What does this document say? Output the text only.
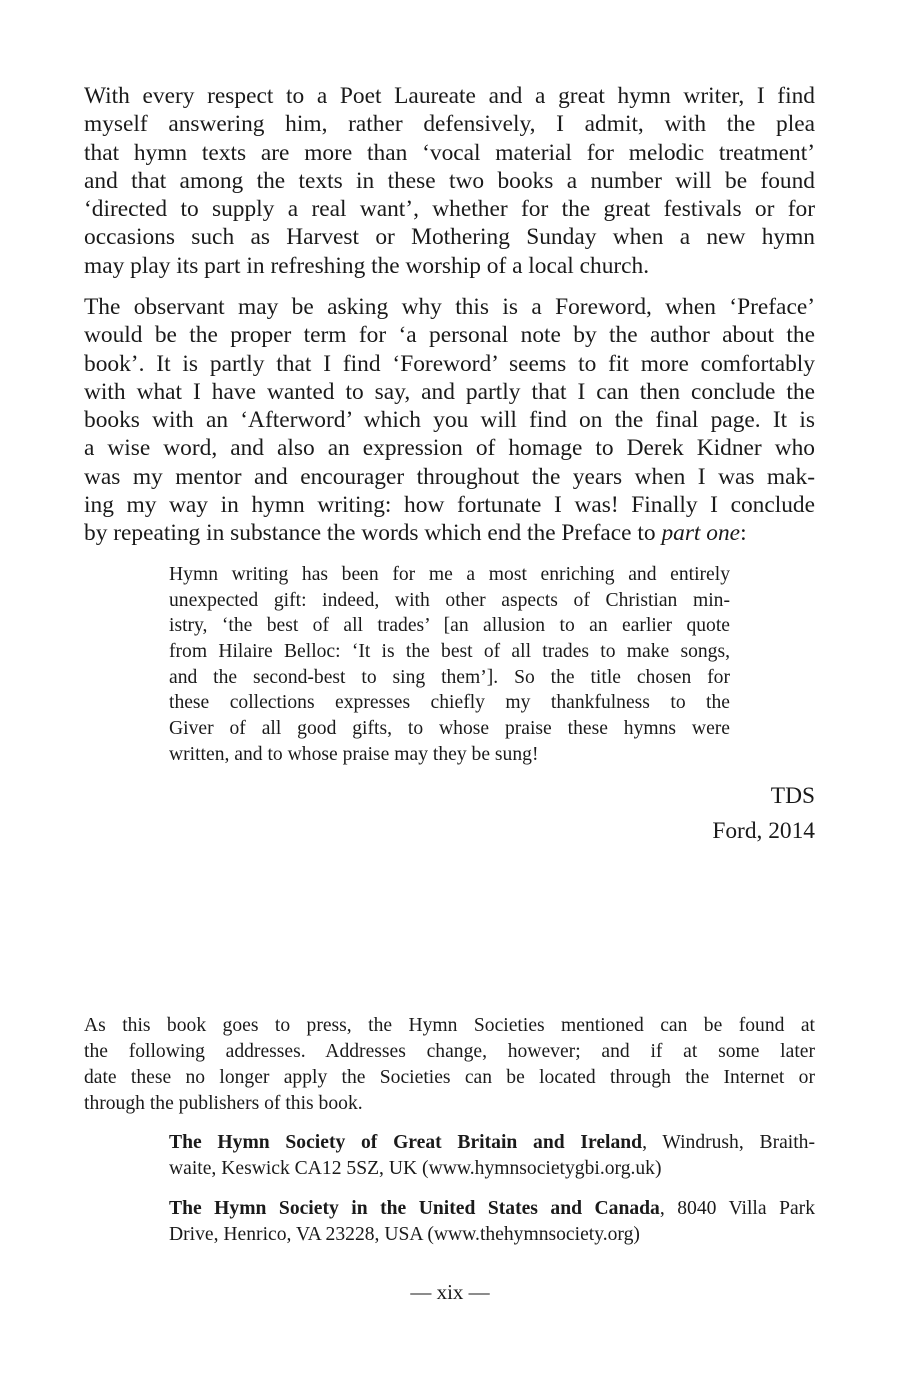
With every respect to a Poet Laureate and a great hymn writer, I find
myself answering him, rather defensively, I admit, with the plea
that hymn texts are more than ‘vocal material for melodic treatment’
and that among the texts in these two books a number will be found
‘directed to supply a real want’, whether for the great festivals or for
occasions such as Harvest or Mothering Sunday when a new hymn
may play its part in refreshing the worship of a local church.
The observant may be asking why this is a Foreword, when ‘Preface’
would be the proper term for ‘a personal note by the author about the
book’. It is partly that I find ‘Foreword’ seems to fit more comfortably
with what I have wanted to say, and partly that I can then conclude the
books with an ‘Afterword’ which you will find on the final page. It is
a wise word, and also an expression of homage to Derek Kidner who
was my mentor and encourager throughout the years when I was mak-
ing my way in hymn writing: how fortunate I was! Finally I conclude
by repeating in substance the words which end the Preface to part one:
Hymn writing has been for me a most enriching and entirely
unexpected gift: indeed, with other aspects of Christian min-
istry, ‘the best of all trades’ [an allusion to an earlier quote
from Hilaire Belloc: ‘It is the best of all trades to make songs,
and the second-best to sing them’]. So the title chosen for
these collections expresses chiefly my thankfulness to the
Giver of all good gifts, to whose praise these hymns were
written, and to whose praise may they be sung!
TDS
Ford, 2014
As this book goes to press, the Hymn Societies mentioned can be found at
the following addresses. Addresses change, however; and if at some later
date these no longer apply the Societies can be located through the Internet or
through the publishers of this book.
The Hymn Society of Great Britain and Ireland, Windrush, Braith-
waite, Keswick CA12 5SZ, UK (www.hymnsocietygbi.org.uk)
The Hymn Society in the United States and Canada, 8040 Villa Park
Drive, Henrico, VA 23228, USA (www.thehymnsociety.org)
— xix —
